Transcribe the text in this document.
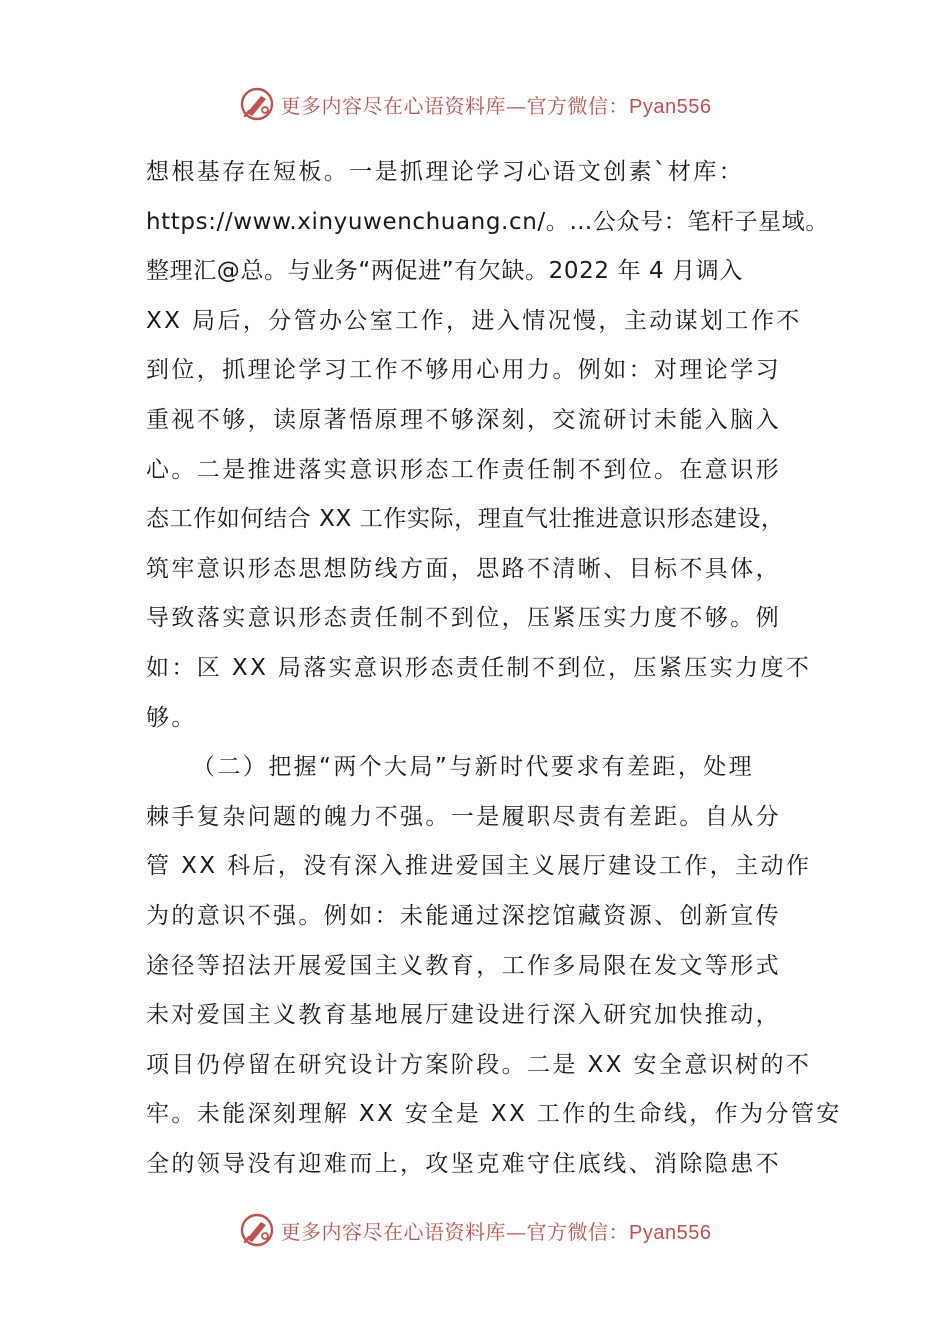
更多内容尽在心语资料库—官方微信：Pyan556
想根基存在短板。一是抓理论学习心语文创素`材库：
https://www.xinyuwenchuang.cn/。…公众号：笔杆子星域。
整理汇@总。与业务“两促进”有欠缺。2022 年 4 月调入
XX 局后，分管办公室工作，进入情况慢，主动谋划工作不
到位，抓理论学习工作不够用心用力。例如：对理论学习
重视不够，读原著悟原理不够深刻，交流研讨未能入脑入
心。二是推进落实意识形态工作责任制不到位。在意识形
态工作如何结合 XX 工作实际，理直气壮推进意识形态建设，
筑牢意识形态思想防线方面，思路不清晰、目标不具体，
导致落实意识形态责任制不到位，压紧压实力度不够。例
如：区 XX 局落实意识形态责任制不到位，压紧压实力度不
够。
（二）把握“两个大局”与新时代要求有差距，处理
棘手复杂问题的魄力不强。一是履职尽责有差距。自从分
管 XX 科后，没有深入推进爱国主义展厅建设工作，主动作
为的意识不强。例如：未能通过深挖馆藏资源、创新宣传
途径等招法开展爱国主义教育，工作多局限在发文等形式
未对爱国主义教育基地展厅建设进行深入研究加快推动，
项目仍停留在研究设计方案阶段。二是 XX 安全意识树的不
牢。未能深刻理解 XX 安全是 XX 工作的生命线，作为分管安
全的领导没有迎难而上，攻坚克难守住底线、消除隐患不
更多内容尽在心语资料库—官方微信：Pyan556
